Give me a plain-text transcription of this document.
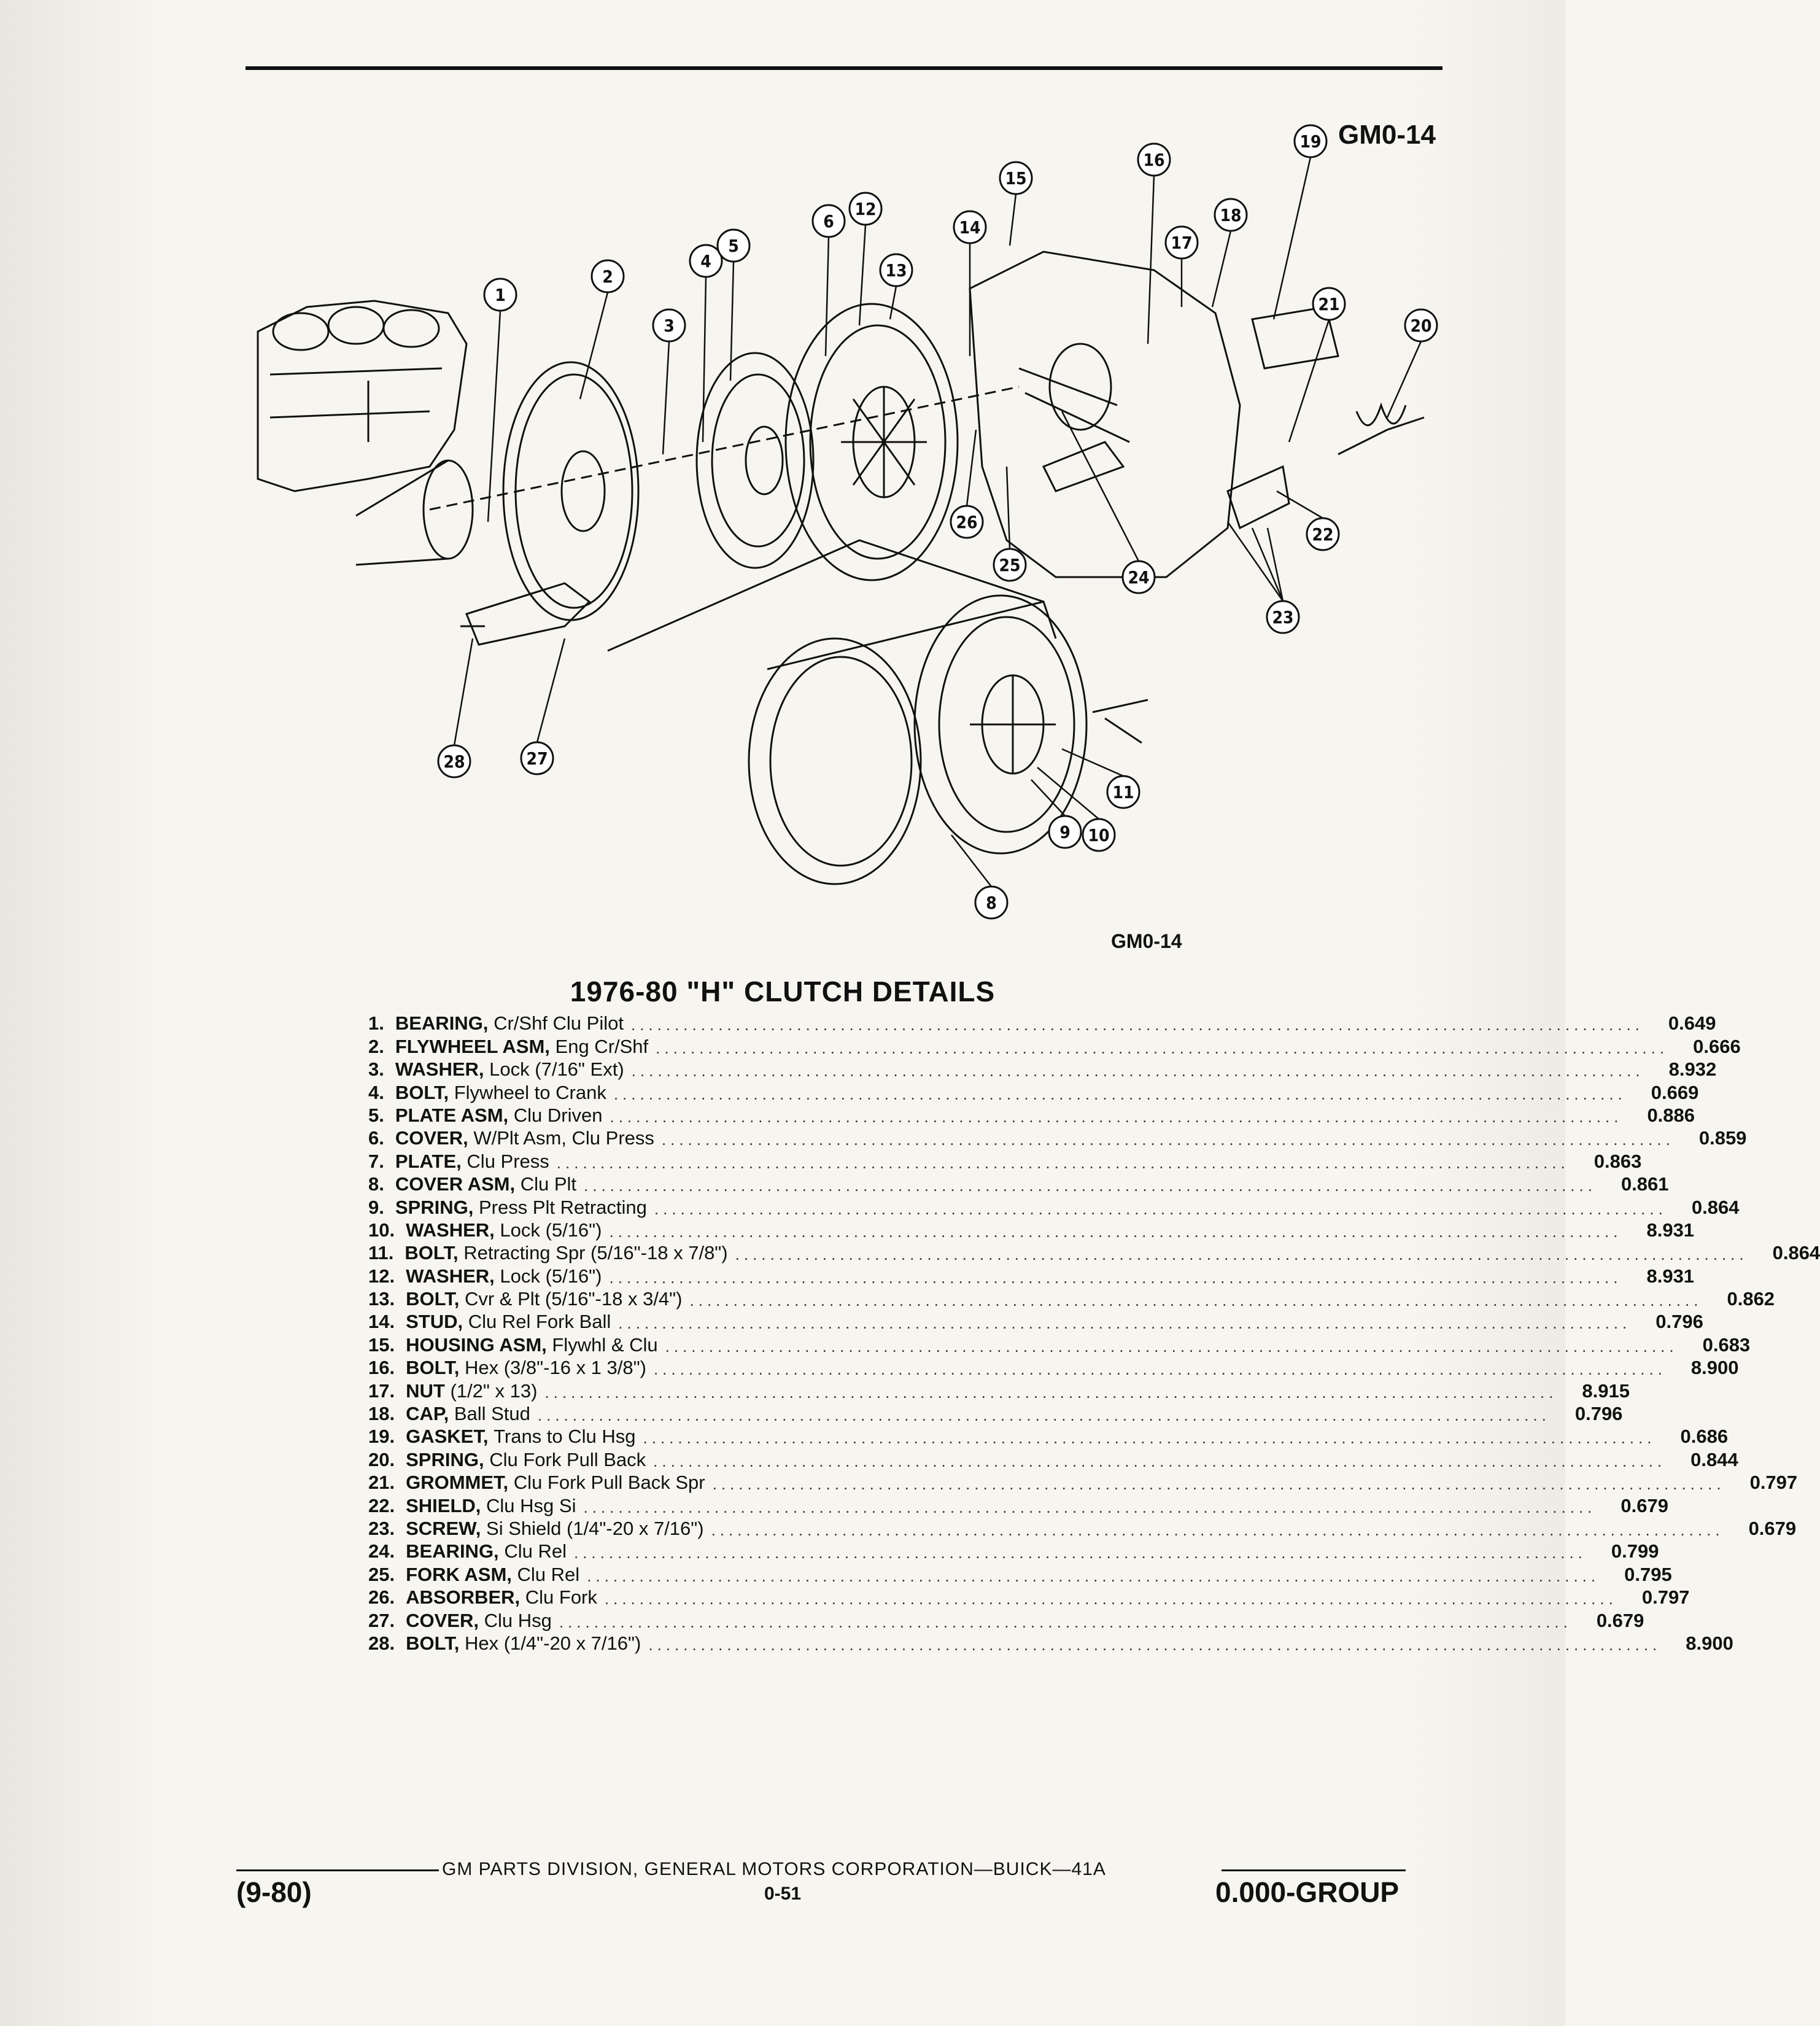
1
2
3
4
5
6
12
13
14
15
16
17
18
19
20
21
22
23
24
25
26
27
28
8
9 10
11
GM0-14
GM0-14
1976-80 "H" CLUTCH DETAILS
1. BEARING,
Cr/Shf Clu Pilot ....................................................................................................................	0.649
2. FLYWHEEL ASM,
Eng Cr/Shf ....................................................................................................................	0.666
3. WASHER,
Lock (7/16" Ext) ....................................................................................................................	8.932
4. BOLT,
Flywheel to Crank ....................................................................................................................	0.669
5. PLATE ASM,
Clu Driven ....................................................................................................................	0.886
6. COVER,
W/Plt Asm, Clu Press ....................................................................................................................	0.859
7. PLATE,
Clu Press ....................................................................................................................	0.863
8. COVER ASM,
Clu Plt ....................................................................................................................	0.861
9. SPRING,
Press Plt Retracting ....................................................................................................................	0.864
10. WASHER,
Lock (5/16") ....................................................................................................................	8.931
11. BOLT,
Retracting Spr (5/16"-18 x 7/8") ....................................................................................................................	0.864
12. WASHER,
Lock (5/16") ....................................................................................................................	8.931
13. BOLT,
Cvr & Plt (5/16"-18 x 3/4") ....................................................................................................................	0.862
14. STUD,
Clu Rel Fork Ball ....................................................................................................................	0.796
15. HOUSING ASM,
Flywhl & Clu ....................................................................................................................	0.683
16. BOLT,
Hex (3/8"-16 x 1 3/8") ....................................................................................................................	8.900
17. NUT
(1/2" x 13) ....................................................................................................................	8.915
18. CAP,
Ball Stud ....................................................................................................................	0.796
19. GASKET,
Trans to Clu Hsg ....................................................................................................................	0.686
20. SPRING,
Clu Fork Pull Back ....................................................................................................................	0.844
21. GROMMET,
Clu Fork Pull Back Spr ....................................................................................................................	0.797
22. SHIELD,
Clu Hsg Si ....................................................................................................................	0.679
23. SCREW,
Si Shield (1/4"-20 x 7/16") ....................................................................................................................	0.679
24. BEARING,
Clu Rel ....................................................................................................................	0.799
25. FORK ASM,
Clu Rel ....................................................................................................................	0.795
26. ABSORBER,
Clu Fork ....................................................................................................................	0.797
27. COVER,
Clu Hsg ....................................................................................................................	0.679
28. BOLT,
Hex (1/4"-20 x 7/16") ....................................................................................................................	8.900
(9-80)
GM PARTS DIVISION, GENERAL MOTORS CORPORATION—BUICK—41A
0-51	0.000-GROUP
